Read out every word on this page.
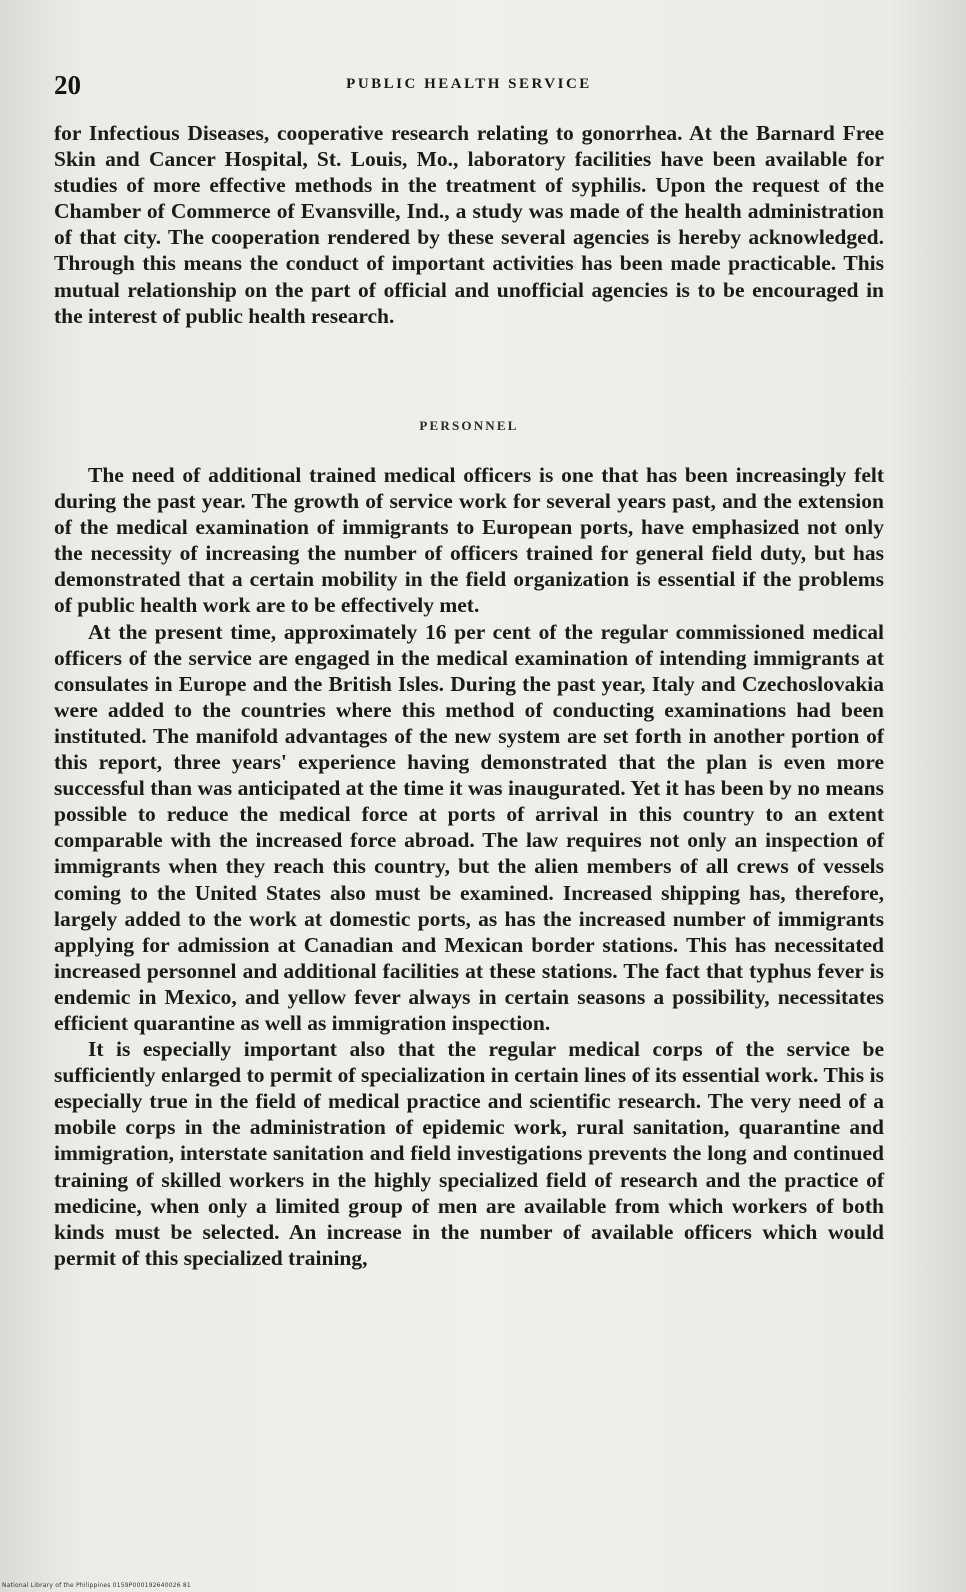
20	PUBLIC HEALTH SERVICE

for Infectious Diseases, cooperative research relating to gonorrhea. At the Barnard Free Skin and Cancer Hospital, St. Louis, Mo., laboratory facilities have been available for studies of more effective methods in the treatment of syphilis. Upon the request of the Chamber of Commerce of Evansville, Ind., a study was made of the health administration of that city. The cooperation rendered by these several agencies is hereby acknowledged. Through this means the conduct of important activities has been made practicable. This mutual relationship on the part of official and unofficial agencies is to be encouraged in the interest of public health research.

PERSONNEL

The need of additional trained medical officers is one that has been increasingly felt during the past year. The growth of service work for several years past, and the extension of the medical examination of immigrants to European ports, have emphasized not only the necessity of increasing the number of officers trained for general field duty, but has demonstrated that a certain mobility in the field organization is essential if the problems of public health work are to be effectively met.

At the present time, approximately 16 per cent of the regular commissioned medical officers of the service are engaged in the medical examination of intending immigrants at consulates in Europe and the British Isles. During the past year, Italy and Czechoslovakia were added to the countries where this method of conducting examinations had been instituted. The manifold advantages of the new system are set forth in another portion of this report, three years' experience having demonstrated that the plan is even more successful than was anticipated at the time it was inaugurated. Yet it has been by no means possible to reduce the medical force at ports of arrival in this country to an extent comparable with the increased force abroad. The law requires not only an inspection of immigrants when they reach this country, but the alien members of all crews of vessels coming to the United States also must be examined. Increased shipping has, therefore, largely added to the work at domestic ports, as has the increased number of immigrants applying for admission at Canadian and Mexican border stations. This has necessitated increased personnel and additional facilities at these stations. The fact that typhus fever is endemic in Mexico, and yellow fever always in certain seasons a possibility, necessitates efficient quarantine as well as immigration inspection.

It is especially important also that the regular medical corps of the service be sufficiently enlarged to permit of specialization in certain lines of its essential work. This is especially true in the field of medical practice and scientific research. The very need of a mobile corps in the administration of epidemic work, rural sanitation, quarantine and immigration, interstate sanitation and field investigations prevents the long and continued training of skilled workers in the highly specialized field of research and the practice of medicine, when only a limited group of men are available from which workers of both kinds must be selected. An increase in the number of available officers which would permit of this specialized training,

National Library of the Philippines 0159P000192640026 81
